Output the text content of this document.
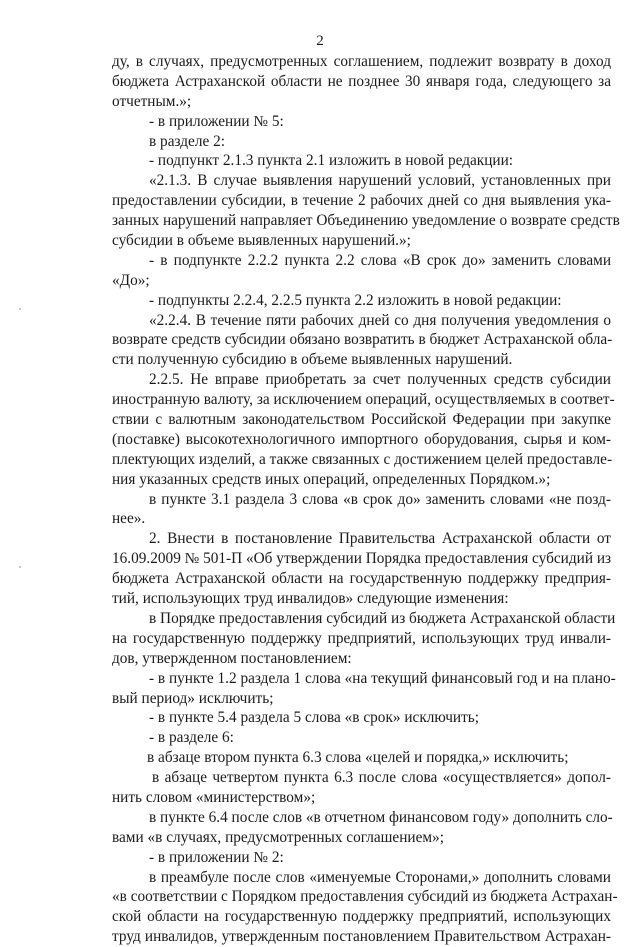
2
ду, в случаях, предусмотренных соглашением, подлежит возврату в доход
бюджета Астраханской области не позднее 30 января года, следующего за
отчетным.»;
- в приложении № 5:
в разделе 2:
- подпункт 2.1.3 пункта 2.1 изложить в новой редакции:
«2.1.3. В случае выявления нарушений условий, установленных при
предоставлении субсидии, в течение 2 рабочих дней со дня выявления ука-
занных нарушений направляет Объединению уведомление о возврате средств
субсидии в объеме выявленных нарушений.»;
- в подпункте 2.2.2 пункта 2.2 слова «В срок до» заменить словами
«До»;
- подпункты 2.2.4, 2.2.5 пункта 2.2 изложить в новой редакции:
«2.2.4. В течение пяти рабочих дней со дня получения уведомления о
возврате средств субсидии обязано возвратить в бюджет Астраханской обла-
сти полученную субсидию в объеме выявленных нарушений.
2.2.5. Не вправе приобретать за счет полученных средств субсидии
иностранную валюту, за исключением операций, осуществляемых в соответ-
ствии с валютным законодательством Российской Федерации при закупке
(поставке) высокотехнологичного импортного оборудования, сырья и ком-
плектующих изделий, а также связанных с достижением целей предоставле-
ния указанных средств иных операций, определенных Порядком.»;
в пункте 3.1 раздела 3 слова «в срок до» заменить словами «не позд-
нее».
2. Внести в постановление Правительства Астраханской области от
16.09.2009 № 501-П «Об утверждении Порядка предоставления субсидий из
бюджета Астраханской области на государственную поддержку предприя-
тий, использующих труд инвалидов» следующие изменения:
в Порядке предоставления субсидий из бюджета Астраханской области
на государственную поддержку предприятий, использующих труд инвали-
дов, утвержденном постановлением:
- в пункте 1.2 раздела 1 слова «на текущий финансовый год и на плано-
вый период» исключить;
- в пункте 5.4 раздела 5 слова «в срок» исключить;
- в разделе 6:
в абзаце втором пункта 6.3 слова «целей и порядка,» исключить;
в абзаце четвертом пункта 6.3 после слова «осуществляется» допол-
нить словом «министерством»;
в пункте 6.4 после слов «в отчетном финансовом году» дополнить сло-
вами «в случаях, предусмотренных соглашением»;
- в приложении № 2:
в преамбуле после слов «именуемые Сторонами,» дополнить словами
«в соответствии с Порядком предоставления субсидий из бюджета Астрахан-
ской области на государственную поддержку предприятий, использующих
труд инвалидов, утвержденным постановлением Правительством Астрахан-
